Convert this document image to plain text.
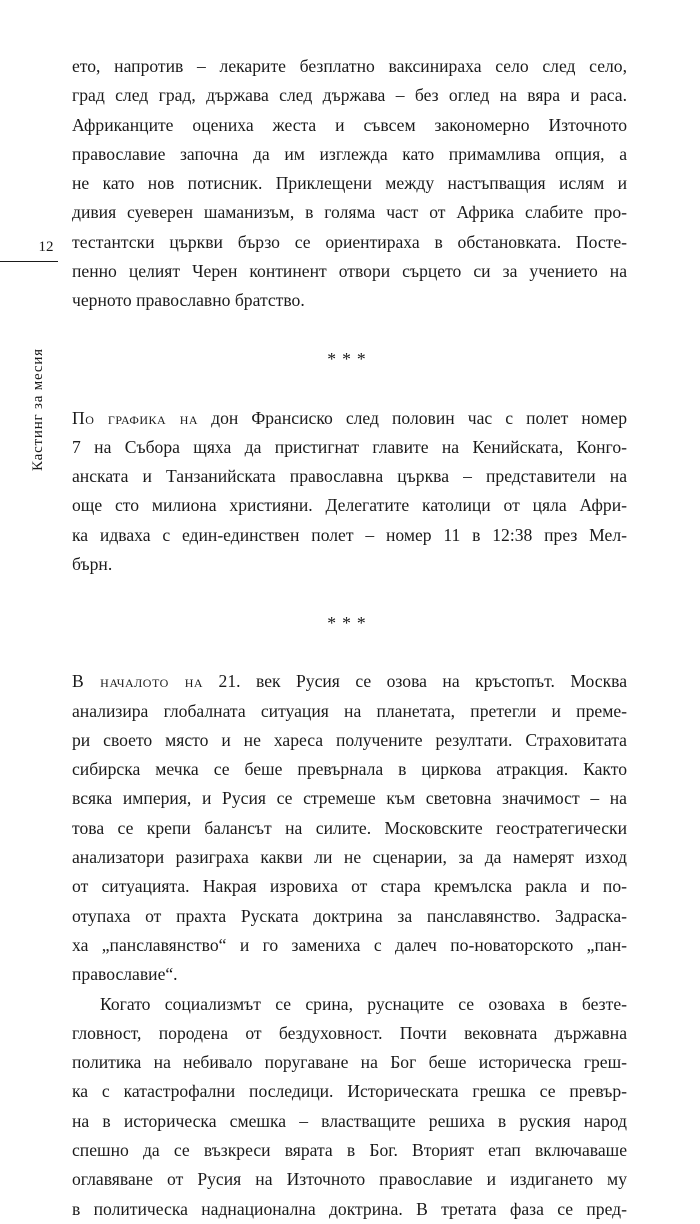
12
Кастинг за месия
ето, напротив – лекарите безплатно ваксинираха село след село,
град след град, държава след държава – без оглед на вяра и раса.
Африканците оцениха жеста и съвсем закономерно Източното
православие започна да им изглежда като примамлива опция, а
не като нов потисник. Приклещени между настъпващия ислям и
дивия суеверен шаманизъм, в голяма част от Африка слабите про-
тестантски църкви бързо се ориентираха в обстановката. Посте-
пенно целият Черен континент отвори сърцето си за учението на
черното православно братство.
***
По графика на дон Франсиско след половин час с полет номер
7 на Събора щяха да пристигнат главите на Кенийската, Конго-
анската и Танзанийската православна църква – представители на
още сто милиона християни. Делегатите католици от цяла Афри-
ка идваха с един-единствен полет – номер 11 в 12:38 през Мел-
бърн.
***
В началото на 21. век Русия се озова на кръстопът. Москва
анализира глобалната ситуация на планетата, претегли и преме-
ри своето място и не хареса получените резултати. Страховитата
сибирска мечка се беше превърнала в циркова атракция. Както
всяка империя, и Русия се стремеше към световна значимост – на
това се крепи балансът на силите. Московските геостратегически
анализатори разиграха какви ли не сценарии, за да намерят изход
от ситуацията. Накрая изровиха от стара кремълска ракла и по-
отупаха от прахта Руската доктрина за панславянство. Задраска-
ха „панславянство“ и го замениха с далеч по-новаторското „пан-
православие“.
Когато социализмът се срина, руснаците се озоваха в безте-
гловност, породена от бездуховност. Почти вековната държавна
политика на небивало поругаване на Бог беше историческа греш-
ка с катастрофални последици. Историческата грешка се превър-
на в историческа смешка – властващите решиха в руския народ
спешно да се възкреси вярата в Бог. Вторият етап включаваше
оглавяване от Русия на Източното православие и издигането му
в политическа наднационална доктрина. В третата фаза се пред-
